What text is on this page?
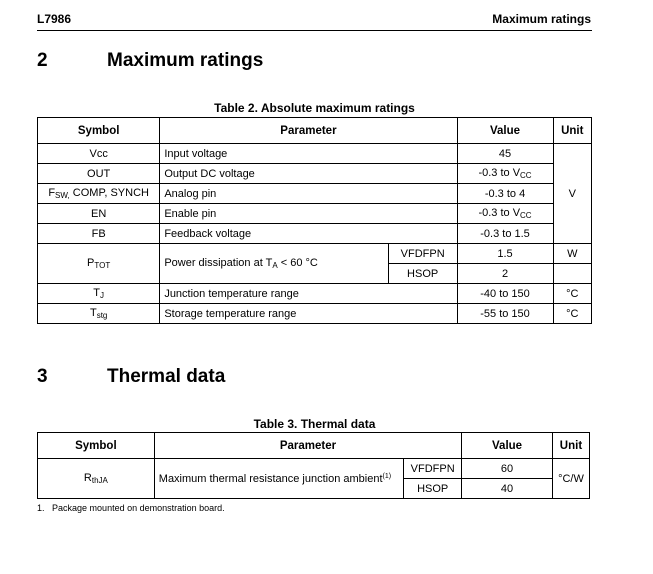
L7986	Maximum ratings
2	Maximum ratings
Table 2. Absolute maximum ratings
Symbol	Parameter		Value	Unit
Vcc	Input voltage		45	V
OUT	Output DC voltage		-0.3 to $V_{CC}$
$F_{SW,}$ COMP, SYNCH	Analog pin		-0.3 to 4	
EN	Enable pin		-0.3 to $V_{CC}$
FB	Feedback voltage		-0.3 to 1.5	
$P_{TOT}$	Power dissipation at $T_A < 60$ °C	VFDFPN	1.5	W
		HSOP	2	
$T_J$	Junction temperature range		-40 to 150	°C
$T_{stg}$	Storage temperature range		-55 to 150	°C
3	Thermal data
Table 3. Thermal data
Symbol	Parameter		Value	Unit
$R_{thJA}$	Maximum thermal resistance junction ambient$^{(1)}$	VFDFPN	60	°C/W
		HSOP	40	
1. Package mounted on demonstration board.
